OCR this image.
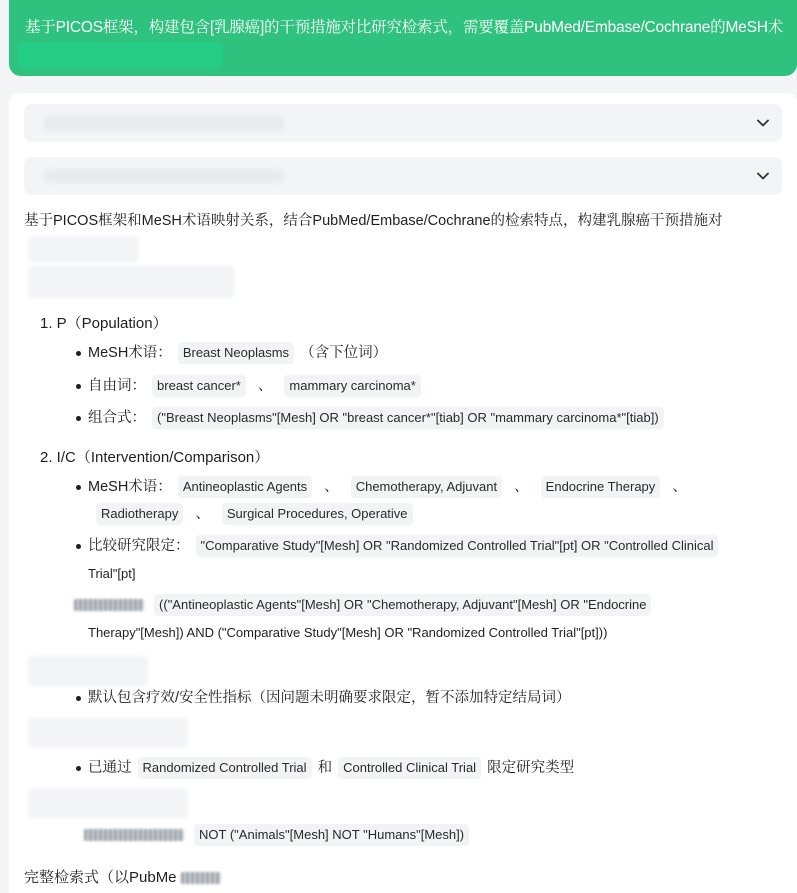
基于PICOS框架，构建包含[乳腺癌]的干预措施对比研究检索式，需要覆盖PubMed/Embase/Cochrane的MeSH术
基于PICOS框架和MeSH术语映射关系，结合PubMed/Embase/Cochrane的检索特点，构建乳腺癌干预措施对
1. P（Population）
MeSH术语： Breast Neoplasms （含下位词）
自由词： breast cancer* 、 mammary carcinoma*
组合式： ("Breast Neoplasms"[Mesh] OR "breast cancer*"[tiab] OR "mammary carcinoma*"[tiab])
2. I/C（Intervention/Comparison）
MeSH术语： Antineoplastic Agents 、 Chemotherapy, Adjuvant 、 Endocrine Therapy 、
Radiotherapy 、 Surgical Procedures, Operative
比较研究限定： "Comparative Study"[Mesh] OR "Randomized Controlled Trial"[pt] OR "Controlled Clinical
Trial"[pt]
(("Antineoplastic Agents"[Mesh] OR "Chemotherapy, Adjuvant"[Mesh] OR "Endocrine
Therapy"[Mesh]) AND ("Comparative Study"[Mesh] OR "Randomized Controlled Trial"[pt]))
默认包含疗效/安全性指标（因问题未明确要求限定，暂不添加特定结局词）
已通过 Randomized Controlled Trial 和 Controlled Clinical Trial 限定研究类型
NOT ("Animals"[Mesh] NOT "Humans"[Mesh])
完整检索式（以PubMe
